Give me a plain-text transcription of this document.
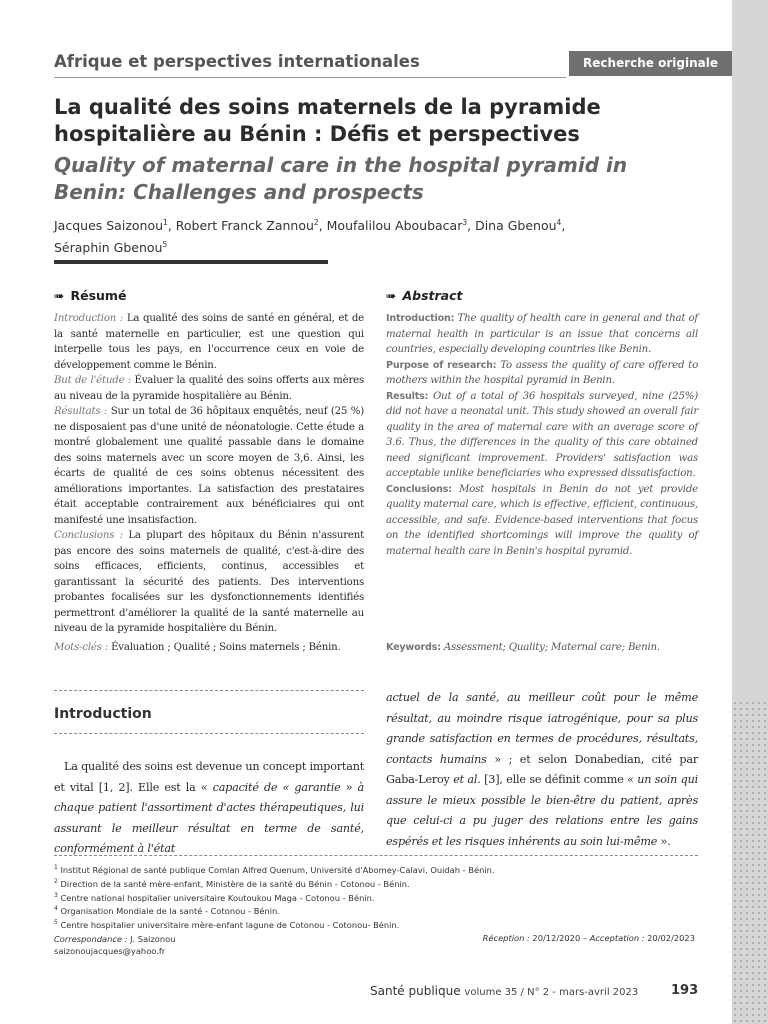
Afrique et perspectives internationales	Recherche originale
La qualité des soins maternels de la pyramide
hospitalière au Bénin : Défis et perspectives
Quality of maternal care in the hospital pyramid in
Benin: Challenges and prospects
Jacques Saizonou$^1$, Robert Franck Zannou$^2$, Moufalilou Aboubacar$^3$, Dina Gbenou$^4$,
Séraphin Gbenou$^5$
➠ Résumé
Introduction : La qualité des soins de santé en général, et de la santé maternelle en particulier, est une question qui interpelle tous les pays, en l'occurrence ceux en voie de développement comme le Bénin.
But de l'étude : Évaluer la qualité des soins offerts aux mères au niveau de la pyramide hospitalière au Bénin.
Résultats : Sur un total de 36 hôpitaux enquêtés, neuf (25 %) ne disposaient pas d'une unité de néonatologie. Cette étude a montré globalement une qualité passable dans le domaine des soins maternels avec un score moyen de 3,6. Ainsi, les écarts de qualité de ces soins obtenus nécessitent des améliorations importantes. La satisfaction des prestataires était acceptable contrairement aux bénéficiaires qui ont manifesté une insatisfaction.
Conclusions : La plupart des hôpitaux du Bénin n'assurent pas encore des soins maternels de qualité, c'est-à-dire des soins efficaces, efficients, continus, accessibles et garantissant la sécurité des patients. Des interventions probantes focalisées sur les dysfonctionnements identifiés permettront d'améliorer la qualité de la santé maternelle au niveau de la pyramide hospitalière du Bénin.
➠ Abstract
Introduction: The quality of health care in general and that of maternal health in particular is an issue that concerns all countries, especially developing countries like Benin.
Purpose of research: To assess the quality of care offered to mothers within the hospital pyramid in Benin.
Results: Out of a total of 36 hospitals surveyed, nine (25%) did not have a neonatal unit. This study showed an overall fair quality in the area of maternal care with an average score of 3.6. Thus, the differences in the quality of this care obtained need significant improvement. Providers' satisfaction was acceptable unlike beneficiaries who expressed dissatisfaction.
Conclusions: Most hospitals in Benin do not yet provide quality maternal care, which is effective, efficient, continuous, accessible, and safe. Evidence-based interventions that focus on the identified shortcomings will improve the quality of maternal health care in Benin's hospital pyramid.
Mots-clés : Évaluation ; Qualité ; Soins maternels ; Bénin.	Keywords: Assessment; Quality; Maternal care; Benin.
Introduction
La qualité des soins est devenue un concept important et vital [1, 2]. Elle est la « capacité de « garantie » à chaque patient l'assortiment d'actes thérapeutiques, lui assurant le meilleur résultat en terme de santé, conformément à l'état
actuel de la santé, au meilleur coût pour le même résultat, au moindre risque iatrogénique, pour sa plus grande satisfaction en termes de procédures, résultats, contacts humains » ; et selon Donabedian, cité par Gaba-Leroy et al. [3], elle se définit comme « un soin qui assure le mieux possible le bien-être du patient, après que celui-ci a pu juger des relations entre les gains espérés et les risques inhérents au soin lui-même ».
$^1$ Institut Régional de santé publique Comlan Alfred Quenum, Université d'Abomey-Calavi, Ouidah - Bénin.
$^2$ Direction de la santé mère-enfant, Ministère de la santé du Bénin - Cotonou - Bénin.
$^3$ Centre national hospitalier universitaire Koutoukou Maga - Cotonou - Bénin.
$^4$ Organisation Mondiale de la santé - Cotonou - Bénin.
$^5$ Centre hospitalier universitaire mère-enfant lagune de Cotonou - Cotonou- Bénin.
Correspondance : J. Saizonou
saizonoujacques@yahoo.fr
Réception : 20/12/2020 – Acceptation : 20/02/2023
Santé publique volume 35 / N° 2 - mars-avril 2023	193
